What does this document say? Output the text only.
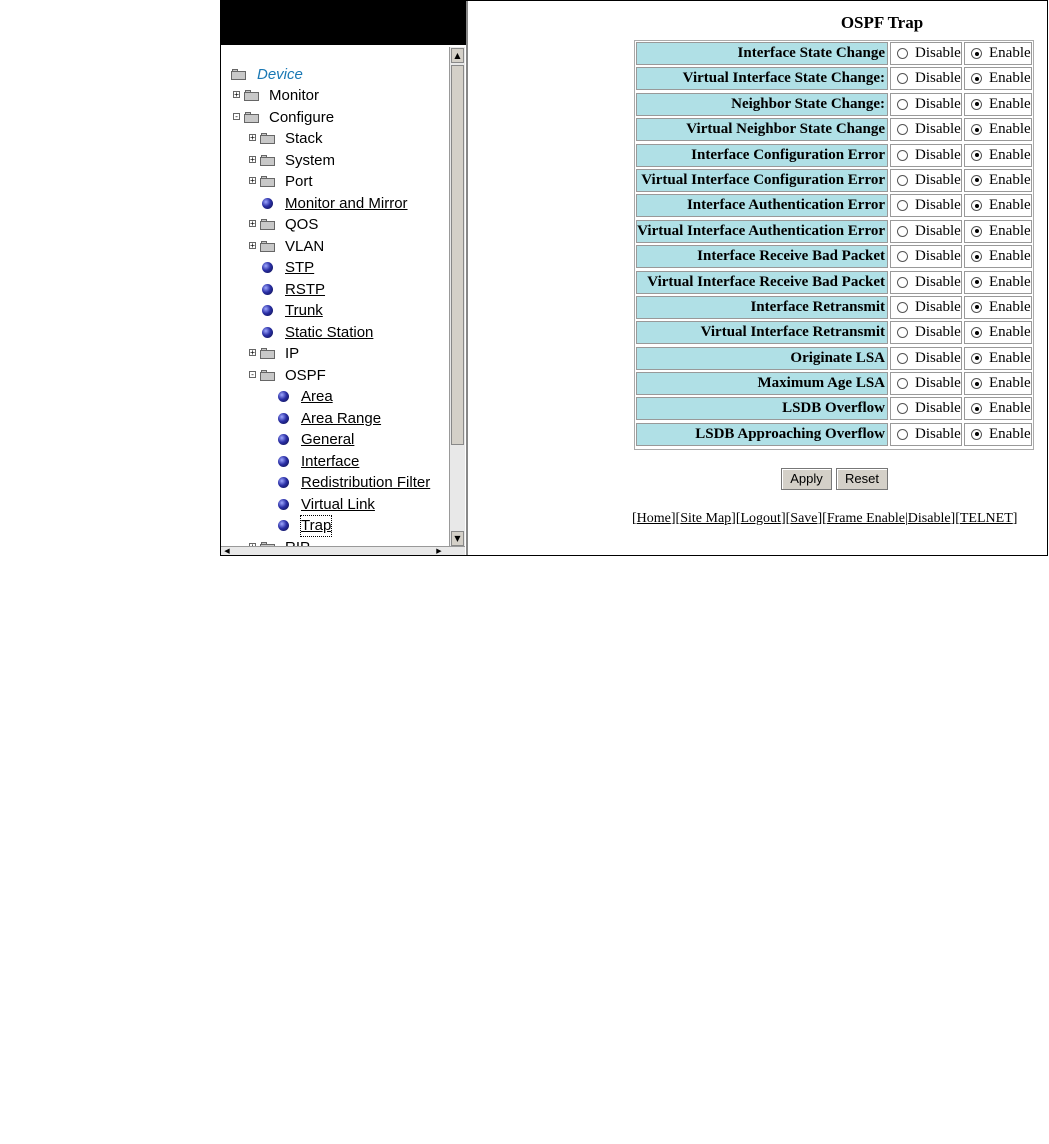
Device
+ Monitor
- Configure
+ Stack
+ System
+ Port
Monitor and Mirror
+ QOS
+ VLAN
STP
RSTP
Trunk
Static Station
+ IP
- OSPF
Area
Area Range
General
Interface
Redistribution Filter
Virtual Link
Trap
▲
▼
◀	▶
OSPF Trap
Interface State Change Disable Enable
Virtual Interface State Change: Disable Enable
Neighbor State Change: Disable Enable
Virtual Neighbor State Change Disable Enable
Interface Configuration Error Disable Enable
Virtual Interface Configuration Error Disable Enable
Interface Authentication Error Disable Enable
Virtual Interface Authentication Error Disable Enable
Interface Receive Bad Packet Disable Enable
Virtual Interface Receive Bad Packet Disable Enable
Interface Retransmit Disable Enable
Virtual Interface Retransmit Disable Enable
Originate LSA Disable Enable
Maximum Age LSA Disable Enable
LSDB Overflow Disable Enable
LSDB Approaching Overflow Disable Enable
Apply	Reset
[Home][Site Map][Logout][Save][Frame Enable|Disable][TELNET]
